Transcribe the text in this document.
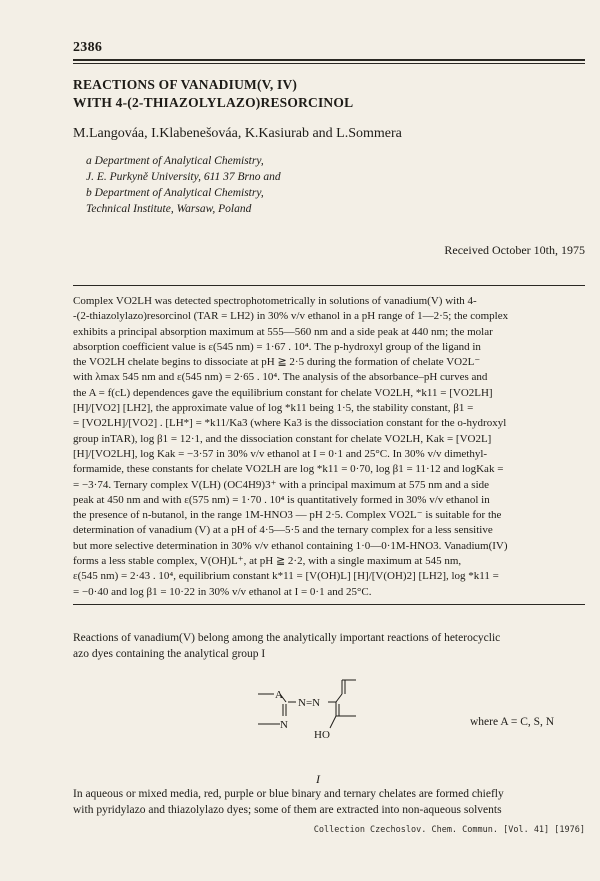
2386
REACTIONS OF VANADIUM(V, IV)
WITH 4-(2-THIAZOLYLAZO)RESORCINOL
M.Langováa, I.Klabenešováa, K.Kasiurab and L.Sommera
a Department of Analytical Chemistry,
J. E. Purkyně University, 611 37 Brno and
b Department of Analytical Chemistry,
Technical Institute, Warsaw, Poland
Received October 10th, 1975
Complex VO2LH was detected spectrophotometrically in solutions of vanadium(V) with 4-
-(2-thiazolylazo)resorcinol (TAR = LH2) in 30% v/v ethanol in a pH range of 1—2·5; the complex
exhibits a principal absorption maximum at 555—560 nm and a side peak at 440 nm; the molar
absorption coefficient value is ε(545 nm) = 1·67 . 10⁴. The p-hydroxyl group of the ligand in
the VO2LH chelate begins to dissociate at pH ≧ 2·5 during the formation of chelate VO2L⁻
with λmax 545 nm and ε(545 nm) = 2·65 . 10⁴. The analysis of the absorbance–pH curves and
the A = f(cL) dependences gave the equilibrium constant for chelate VO2LH, *k11 = [VO2LH]
[H]/[VO2] [LH2], the approximate value of log *k11 being 1·5, the stability constant, β1 =
= [VO2LH]/[VO2] . [LH*] = *k11/Ka3 (where Ka3 is the dissociation constant for the o-hydroxyl
group inTAR), log β1 = 12·1, and the dissociation constant for chelate VO2LH, Kak = [VO2L]
[H]/[VO2LH], log Kak = −3·57 in 30% v/v ethanol at I = 0·1 and 25°C. In 30% v/v dimethyl-
formamide, these constants for chelate VO2LH are log *k11 = 0·70, log β1 = 11·12 and logKak =
= −3·74. Ternary complex V(LH) (OC4H9)3⁺ with a principal maximum at 575 nm and a side
peak at 450 nm and with ε(575 nm) = 1·70 . 10⁴ is quantitatively formed in 30% v/v ethanol in
the presence of n-butanol, in the range 1M-HNO3 — pH 2·5. Complex VO2L⁻ is suitable for the
determination of vanadium (V) at a pH of 4·5—5·5 and the ternary complex for a less sensitive
but more selective determination in 30% v/v ethanol containing 1·0—0·1M-HNO3. Vanadium(IV)
forms a less stable complex, V(OH)L⁺, at pH ≧ 2·2, with a single maximum at 545 nm,
ε(545 nm) = 2·43 . 10⁴, equilibrium constant k*11 = [V(OH)L] [H]/[V(OH)2] [LH2], log *k11 =
= −0·40 and log β1 = 10·22 in 30% v/v ethanol at I = 0·1 and 25°C.
Reactions of vanadium(V) belong among the analytically important reactions of heterocyclic
azo dyes containing the analytical group I
A
N=N
N
HO
where A = C, S, N
I
In aqueous or mixed media, red, purple or blue binary and ternary chelates are formed chiefly
with pyridylazo and thiazolylazo dyes; some of them are extracted into non-aqueous solvents
Collection Czechoslov. Chem. Commun. [Vol. 41] [1976]
